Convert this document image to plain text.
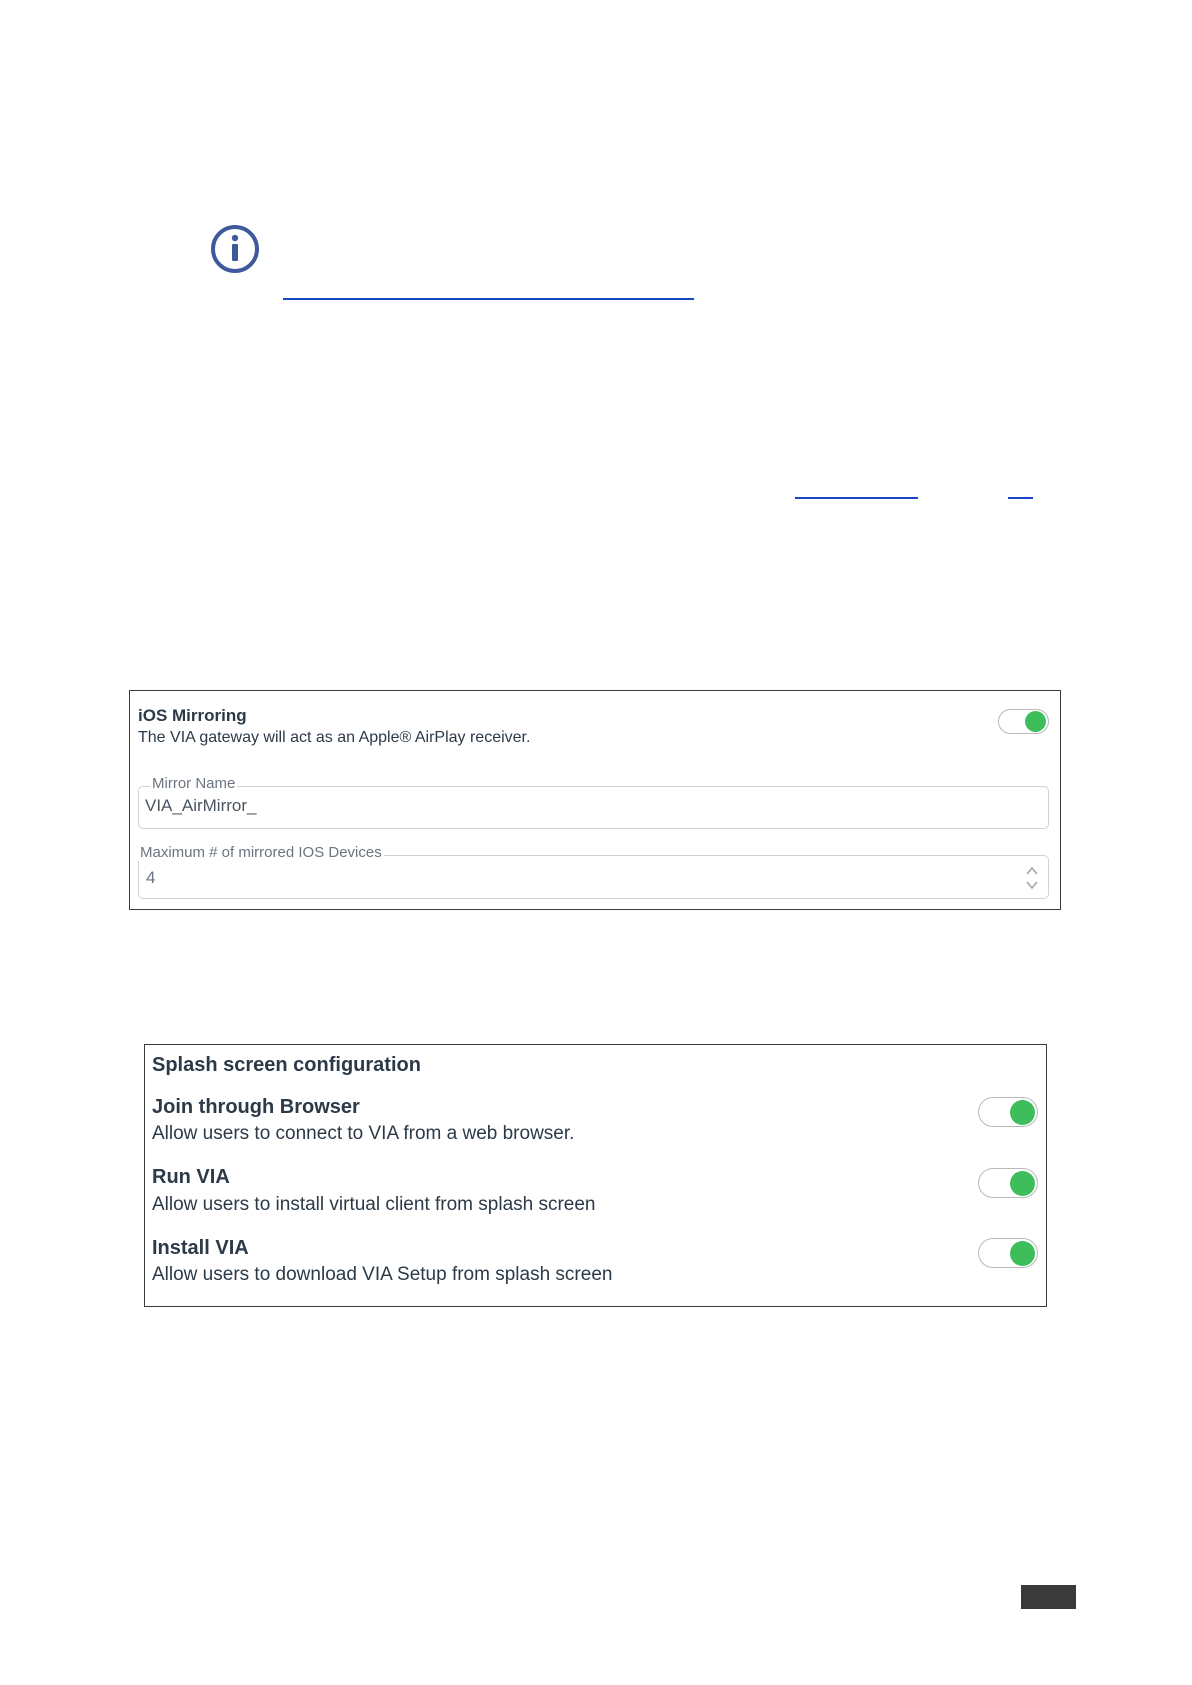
iOS Mirroring
The VIA gateway will act as an Apple® AirPlay receiver.
VIA_AirMirror_
Mirror Name
4
Maximum # of mirrored IOS Devices
Splash screen configuration
Join through Browser
Allow users to connect to VIA from a web browser.
Run VIA
Allow users to install virtual client from splash screen
Install VIA
Allow users to download VIA Setup from splash screen
